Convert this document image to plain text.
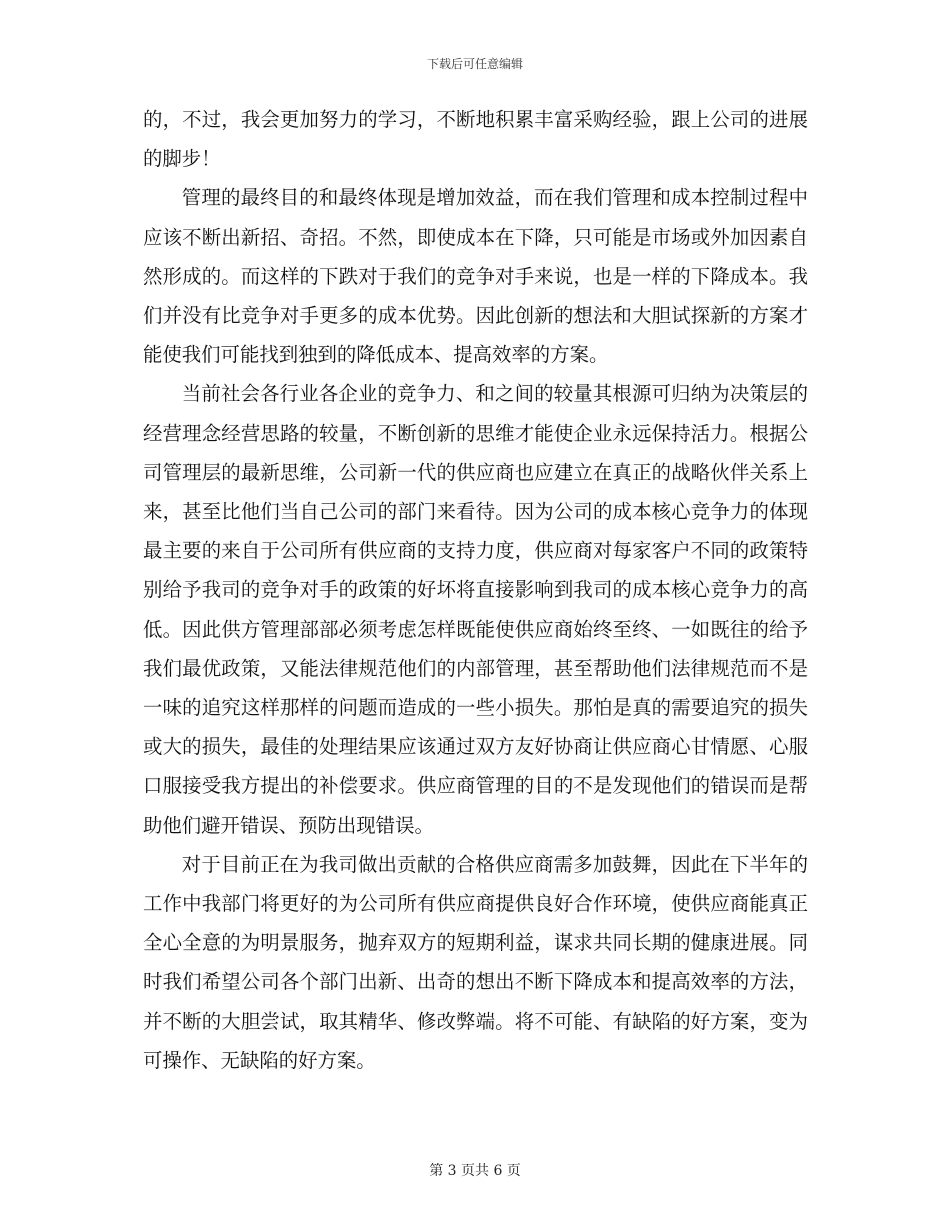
下载后可任意编辑

的，不过，我会更加努力的学习，不断地积累丰富采购经验，跟上公司的进展的脚步！

管理的最终目的和最终体现是增加效益，而在我们管理和成本控制过程中应该不断出新招、奇招。不然，即使成本在下降，只可能是市场或外加因素自然形成的。而这样的下跌对于我们的竞争对手来说，也是一样的下降成本。我们并没有比竞争对手更多的成本优势。因此创新的想法和大胆试探新的方案才能使我们可能找到独到的降低成本、提高效率的方案。

当前社会各行业各企业的竞争力、和之间的较量其根源可归纳为决策层的经营理念经营思路的较量，不断创新的思维才能使企业永远保持活力。根据公司管理层的最新思维，公司新一代的供应商也应建立在真正的战略伙伴关系上来，甚至比他们当自己公司的部门来看待。因为公司的成本核心竞争力的体现最主要的来自于公司所有供应商的支持力度，供应商对每家客户不同的政策特别给予我司的竞争对手的政策的好坏将直接影响到我司的成本核心竞争力的高低。因此供方管理部部必须考虑怎样既能使供应商始终至终、一如既往的给予我们最优政策，又能法律规范他们的内部管理，甚至帮助他们法律规范而不是一味的追究这样那样的问题而造成的一些小损失。那怕是真的需要追究的损失或大的损失，最佳的处理结果应该通过双方友好协商让供应商心甘情愿、心服口服接受我方提出的补偿要求。供应商管理的目的不是发现他们的错误而是帮助他们避开错误、预防出现错误。

对于目前正在为我司做出贡献的合格供应商需多加鼓舞，因此在下半年的工作中我部门将更好的为公司所有供应商提供良好合作环境，使供应商能真正全心全意的为明景服务，抛弃双方的短期利益，谋求共同长期的健康进展。同时我们希望公司各个部门出新、出奇的想出不断下降成本和提高效率的方法，并不断的大胆尝试，取其精华、修改弊端。将不可能、有缺陷的好方案，变为可操作、无缺陷的好方案。

第 3 页共 6 页
